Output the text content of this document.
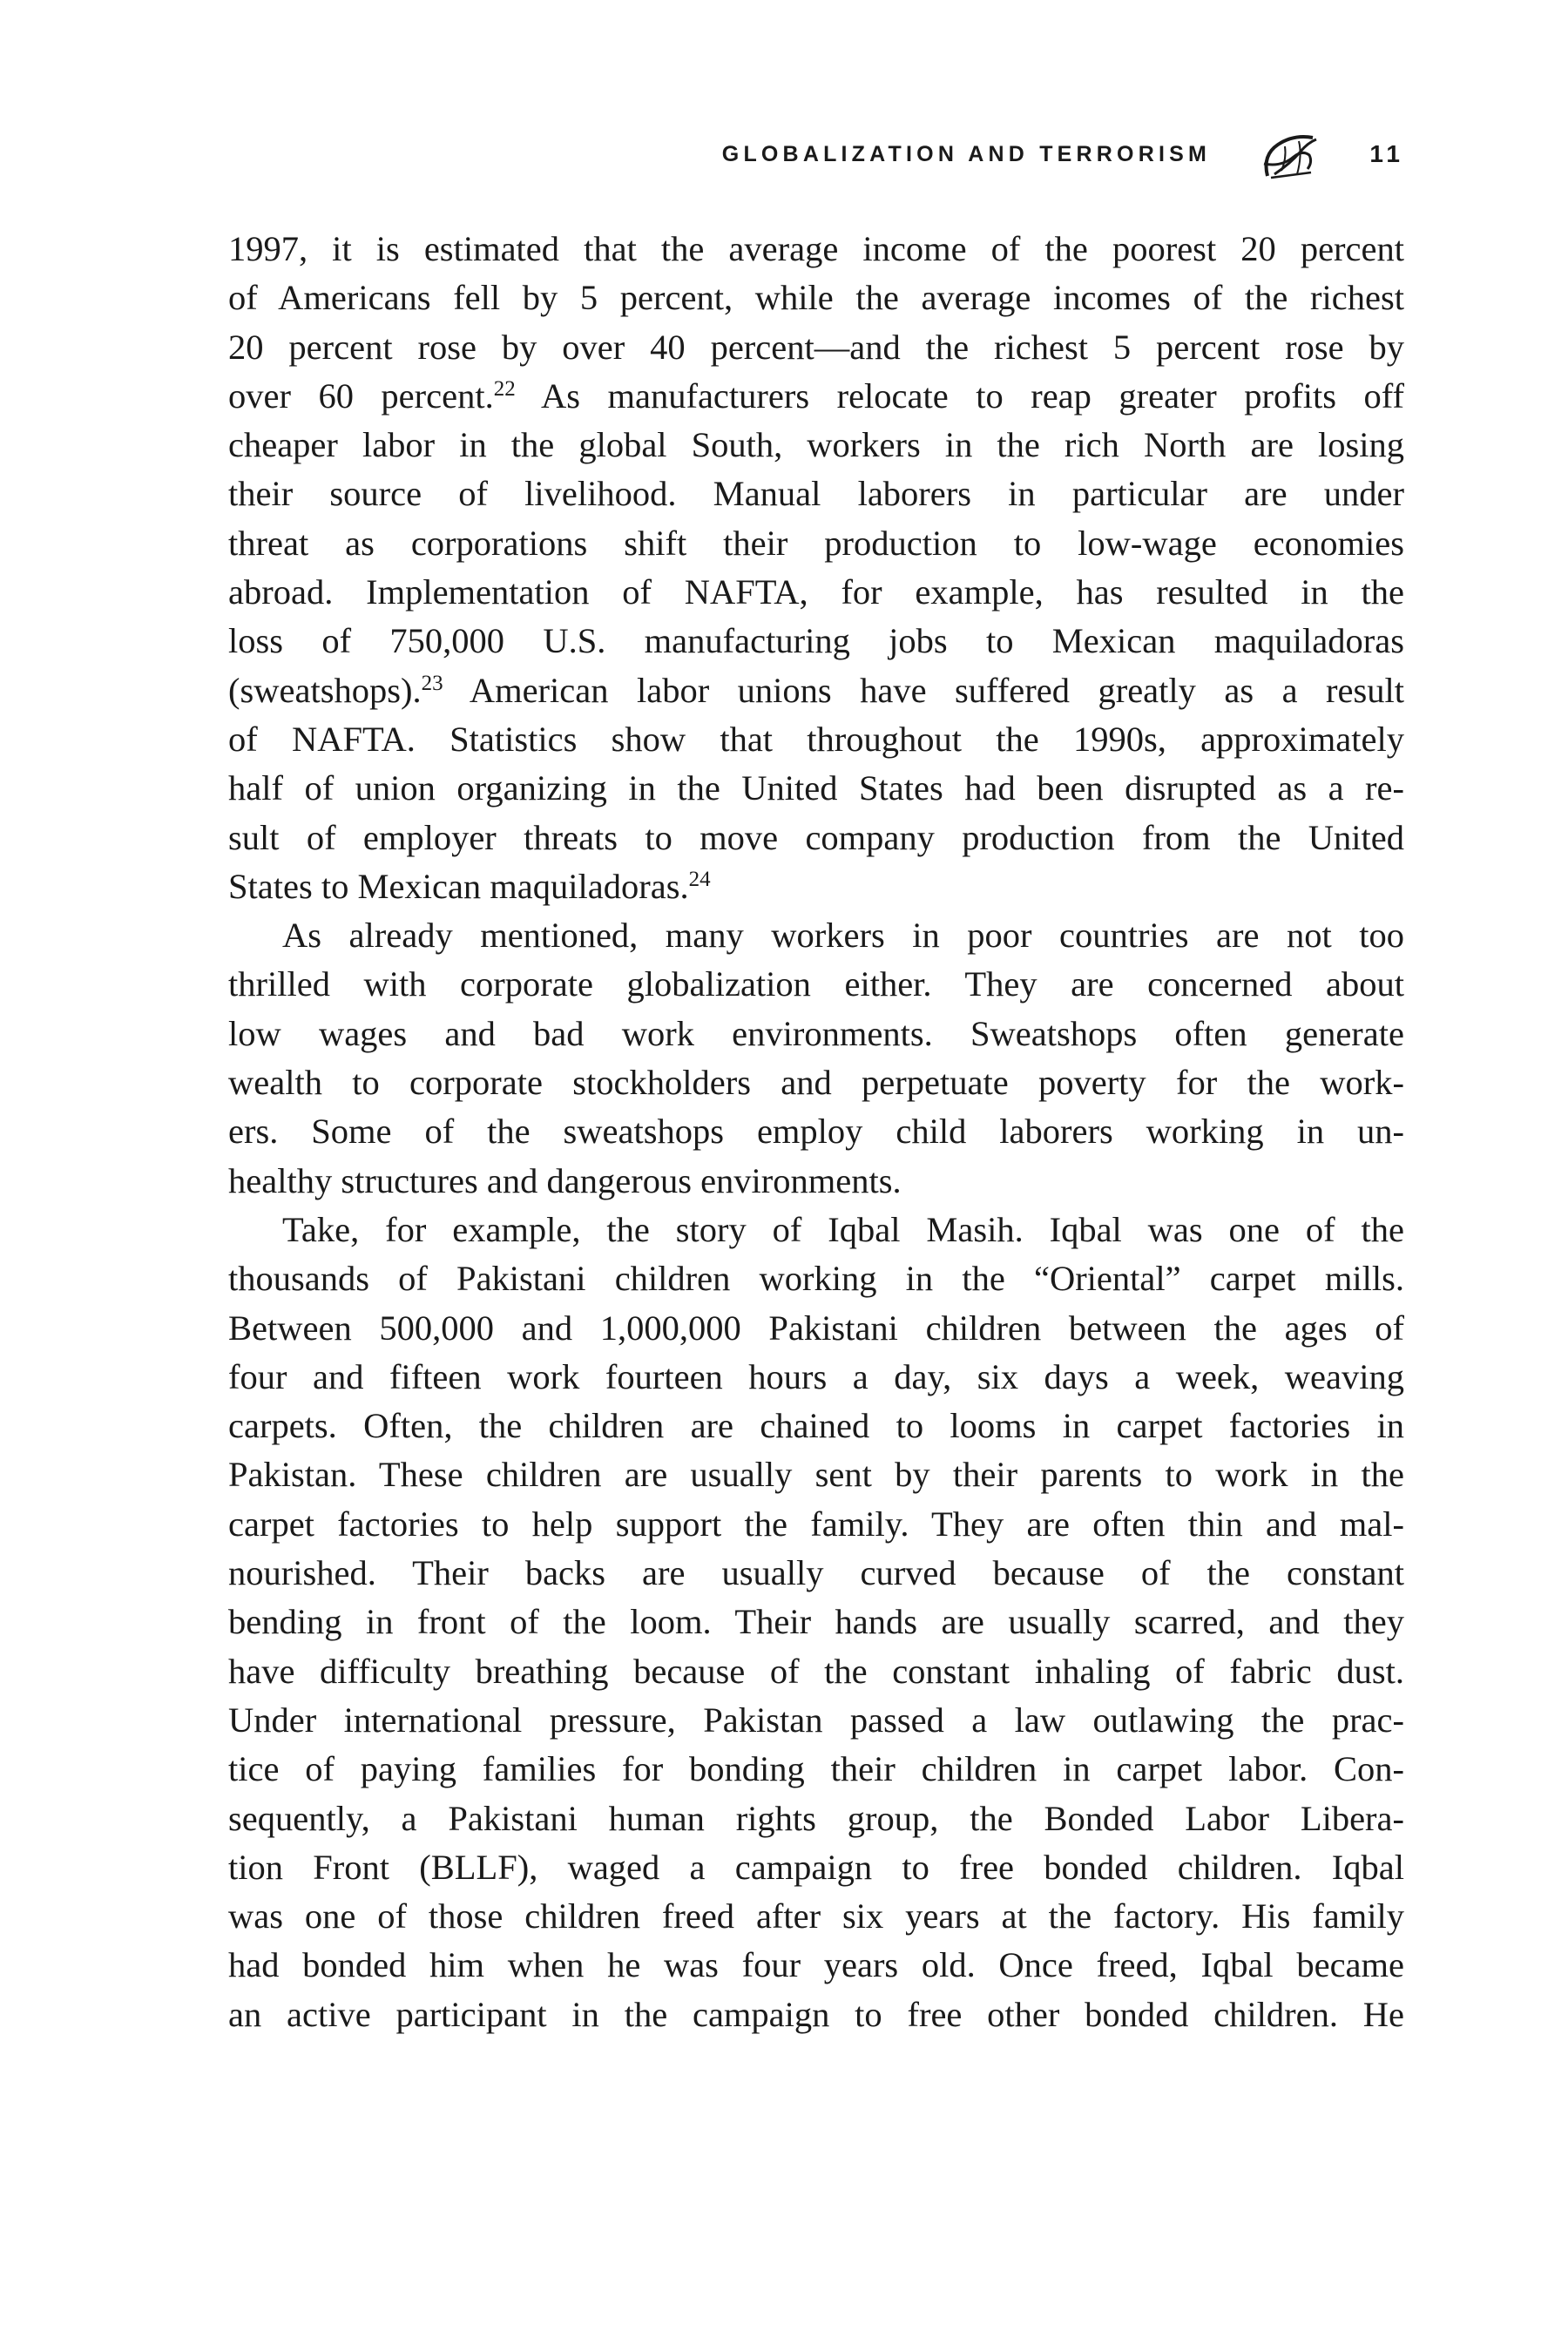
GLOBALIZATION AND TERRORISM	11
1997, it is estimated that the average income of the poorest 20 percent
of Americans fell by 5 percent, while the average incomes of the richest
20 percent rose by over 40 percent—and the richest 5 percent rose by
over 60 percent.$^{22}$ As manufacturers relocate to reap greater profits off
cheaper labor in the global South, workers in the rich North are losing
their source of livelihood. Manual laborers in particular are under
threat as corporations shift their production to low-wage economies
abroad. Implementation of NAFTA, for example, has resulted in the
loss of 750,000 U.S. manufacturing jobs to Mexican maquiladoras
(sweatshops).$^{23}$ American labor unions have suffered greatly as a result
of NAFTA. Statistics show that throughout the 1990s, approximately
half of union organizing in the United States had been disrupted as a re-
sult of employer threats to move company production from the United
States to Mexican maquiladoras.$^{24}$
As already mentioned, many workers in poor countries are not too
thrilled with corporate globalization either. They are concerned about
low wages and bad work environments. Sweatshops often generate
wealth to corporate stockholders and perpetuate poverty for the work-
ers. Some of the sweatshops employ child laborers working in un-
healthy structures and dangerous environments.
Take, for example, the story of Iqbal Masih. Iqbal was one of the
thousands of Pakistani children working in the “Oriental” carpet mills.
Between 500,000 and 1,000,000 Pakistani children between the ages of
four and fifteen work fourteen hours a day, six days a week, weaving
carpets. Often, the children are chained to looms in carpet factories in
Pakistan. These children are usually sent by their parents to work in the
carpet factories to help support the family. They are often thin and mal-
nourished. Their backs are usually curved because of the constant
bending in front of the loom. Their hands are usually scarred, and they
have difficulty breathing because of the constant inhaling of fabric dust.
Under international pressure, Pakistan passed a law outlawing the prac-
tice of paying families for bonding their children in carpet labor. Con-
sequently, a Pakistani human rights group, the Bonded Labor Libera-
tion Front (BLLF), waged a campaign to free bonded children. Iqbal
was one of those children freed after six years at the factory. His family
had bonded him when he was four years old. Once freed, Iqbal became
an active participant in the campaign to free other bonded children. He
